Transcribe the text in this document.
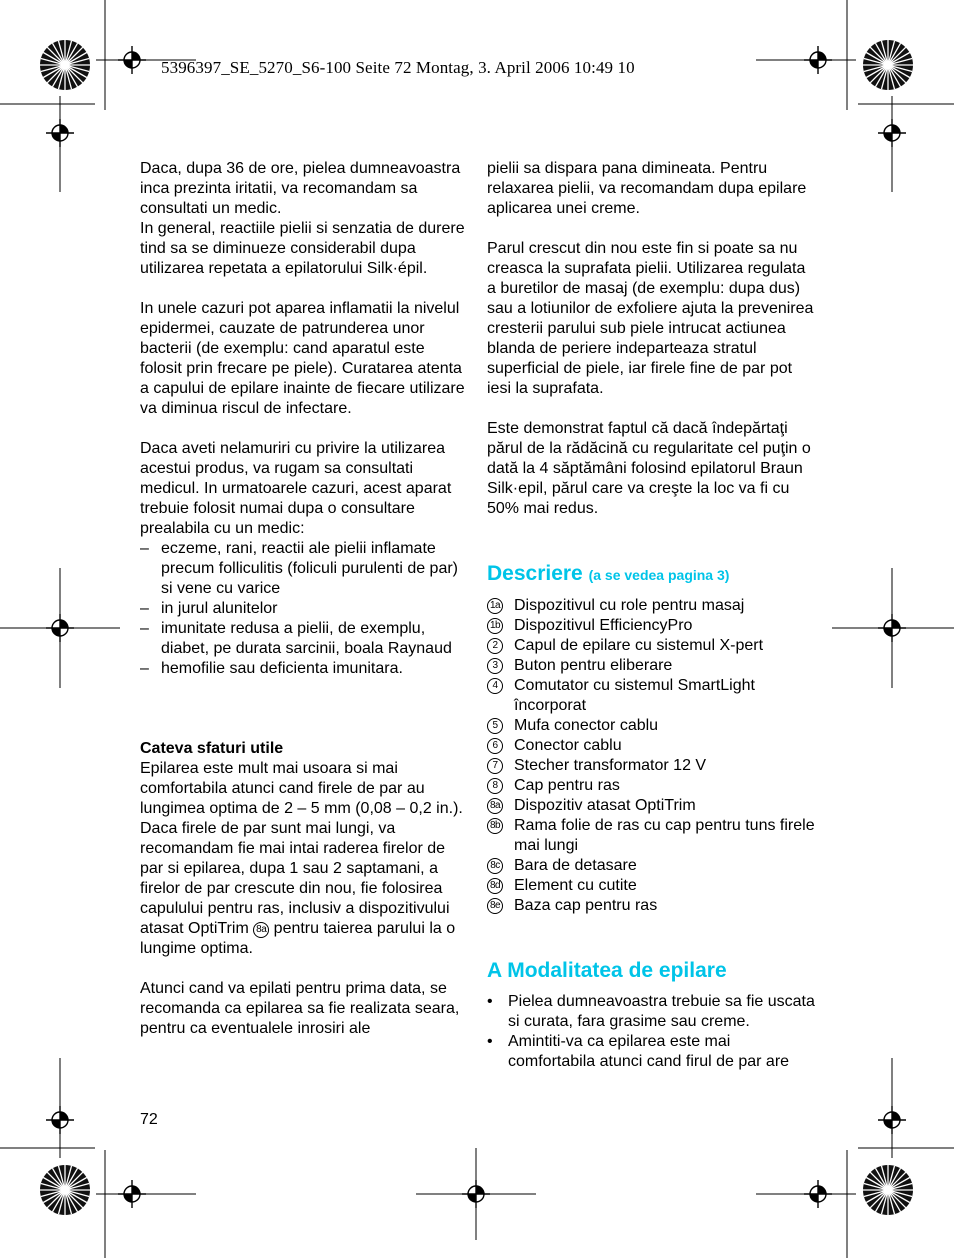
5396397_SE_5270_S6-100 Seite 72 Montag, 3. April 2006 10:49 10

Daca, dupa 36 de ore, pielea dumneavoastra inca prezinta iritatii, va recomandam sa consultati un medic.

In general, reactiile pielii si senzatia de durere tind sa se diminueze considerabil dupa utilizarea repetata a epilatorului Silk·épil.

In unele cazuri pot aparea inflamatii la nivelul epidermei, cauzate de patrunderea unor bacterii (de exemplu: cand aparatul este folosit prin frecare pe piele). Curatarea atenta a capului de epilare inainte de fiecare utilizare va diminua riscul de infectare.

Daca aveti nelamuriri cu privire la utilizarea acestui produs, va rugam sa consultati medicul. In urmatoarele cazuri, acest aparat trebuie folosit numai dupa o consultare prealabila cu un medic:

– eczeme, rani, reactii ale pielii inflamate precum folliculitis (foliculi purulenti de par) si vene cu varice
– in jurul alunitelor
– imunitate redusa a pielii, de exemplu, diabet, pe durata sarcinii, boala Raynaud
– hemofilie sau deficienta imunitara.

Cateva sfaturi utile

Epilarea este mult mai usoara si mai comfortabila atunci cand firele de par au lungimea optima de 2 – 5 mm (0,08 – 0,2 in.). Daca firele de par sunt mai lungi, va recomandam fie mai intai raderea firelor de par si epilarea, dupa 1 sau 2 saptamani, a firelor de par crescute din nou, fie folosirea capulului pentru ras, inclusiv a dispozitivului atasat OptiTrim 8a pentru taierea parului la o lungime optima.

Atunci cand va epilati pentru prima data, se recomanda ca epilarea sa fie realizata seara, pentru ca eventualele inrosiri ale

pielii sa dispara pana dimineata. Pentru relaxarea pielii, va recomandam dupa epilare aplicarea unei creme.

Parul crescut din nou este fin si poate sa nu creasca la suprafata pielii. Utilizarea regulata a buretilor de masaj (de exemplu: dupa dus) sau a lotiunilor de exfoliere ajuta la prevenirea cresterii parului sub piele intrucat actiunea blanda de periere indeparteaza stratul superficial de piele, iar firele fine de par pot iesi la suprafata.

Este demonstrat faptul că dacă îndepărtaţi părul de la rădăcină cu regularitate cel puţin o dată la 4 săptămâni folosind epilatorul Braun Silk·epil, părul care va creşte la loc va fi cu 50% mai redus.

Descriere (a se vedea pagina 3)

1a Dispozitivul cu role pentru masaj
1b Dispozitivul EfficiencyPro
2	Capul de epilare cu sistemul X-pert
3	Buton pentru eliberare
4	Comutator cu sistemul SmartLight încorporat
5	Mufa conector cablu
6	Conector cablu
7	Stecher transformator 12 V
8	Cap pentru ras
8a Dispozitiv atasat OptiTrim
8b Rama folie de ras cu cap pentru tuns firele mai lungi
8c Bara de detasare
8d Element cu cutite
8e Baza cap pentru ras

A Modalitatea de epilare

• Pielea dumneavoastra trebuie sa fie uscata si curata, fara grasime sau creme.
• Amintiti-va ca epilarea este mai comfortabila atunci cand firul de par are
72
